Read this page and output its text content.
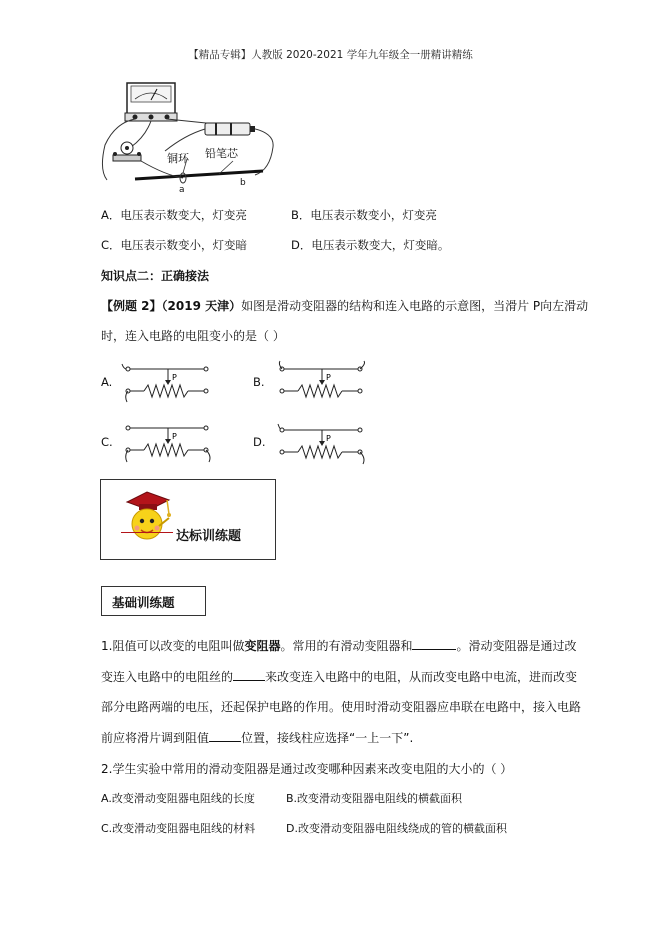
【精品专辑】人教版 2020-2021 学年九年级全一册精讲精练
铜环 铅笔芯
a
b
A．电压表示数变大，灯变亮	B．电压表示数变小，灯变亮
C．电压表示数变小，灯变暗	D．电压表示数变大，灯变暗。
知识点二：正确接法
【例题 2】（2019 天津）如图是滑动变阻器的结构和连入电路的示意图，当滑片 P向左滑动
时，连入电路的电阻变小的是（ ）
A.	P	B.	P
C.	P	D.	P
达标训练题
基础训练题
1.阻值可以改变的电阻叫做变阻器。常用的有滑动变阻器和	。滑动变阻器是通过改
变连入电路中的电阻丝的	来改变连入电路中的电阻，从而改变电路中电流，进而改变
部分电路两端的电压，还起保护电路的作用。使用时滑动变阻器应串联在电路中，接入电路
前应将滑片调到阻值	位置，接线柱应选择“一上一下”.
2.学生实验中常用的滑动变阻器是通过改变哪种因素来改变电阻的大小的（ ）
A.改变滑动变阻器电阻线的长度	B.改变滑动变阻器电阻线的横截面积
C.改变滑动变阻器电阻线的材料	D.改变滑动变阻器电阻线绕成的管的横截面积
